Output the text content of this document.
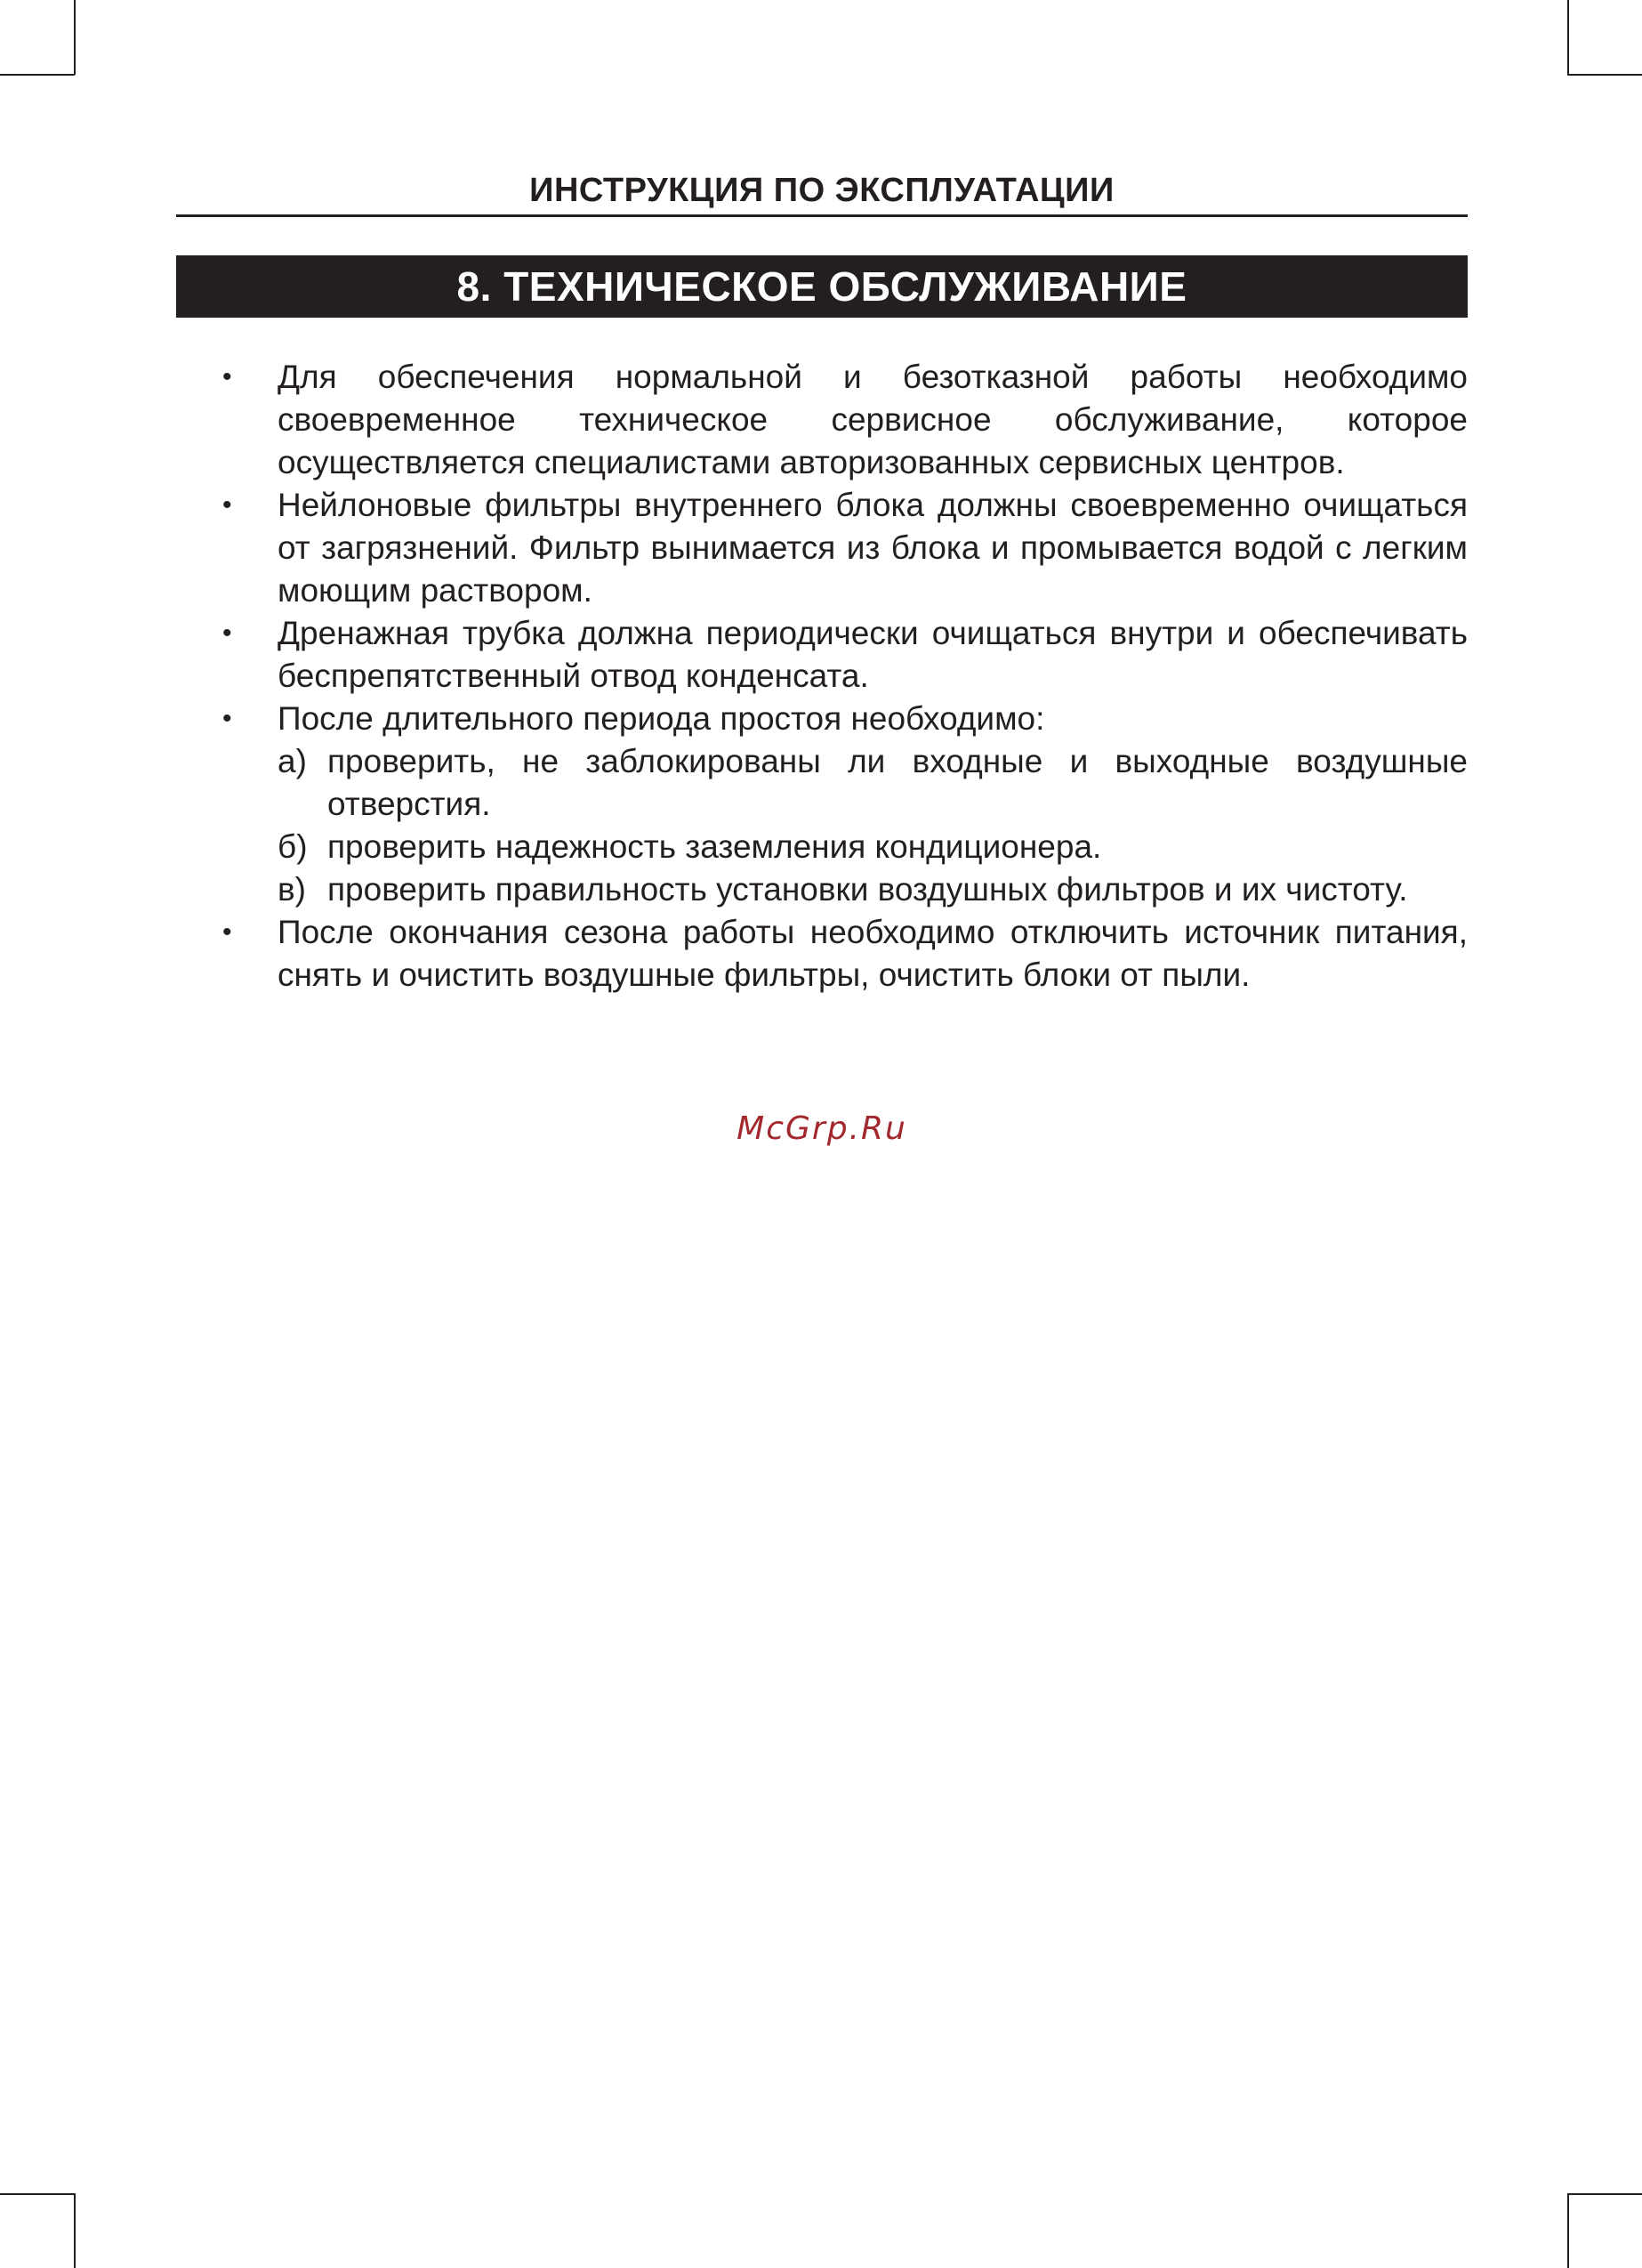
ИНСТРУКЦИЯ ПО ЭКСПЛУАТАЦИИ
8. ТЕХНИЧЕСКОЕ ОБСЛУЖИВАНИЕ
• Для обеспечения нормальной и безотказной работы необходимо своевременное техническое сервисное обслуживание, которое осуществляется специалистами авторизованных сервисных центров.
• Нейлоновые фильтры внутреннего блока должны своевременно очищаться от загрязнений. Фильтр вынимается из блока и промывается водой с легким моющим раствором.
• Дренажная трубка должна периодически очищаться внутри и обеспечивать беспрепятственный отвод конденсата.
• После длительного периода простоя необходимо:
а) проверить, не заблокированы ли входные и выходные воздушные отверстия.
б) проверить надежность заземления кондиционера.
в) проверить правильность установки воздушных фильтров и их чистоту.
• После окончания сезона работы необходимо отключить источник питания, снять и очистить воздушные фильтры, очистить блоки от пыли.
McGrp.Ru
